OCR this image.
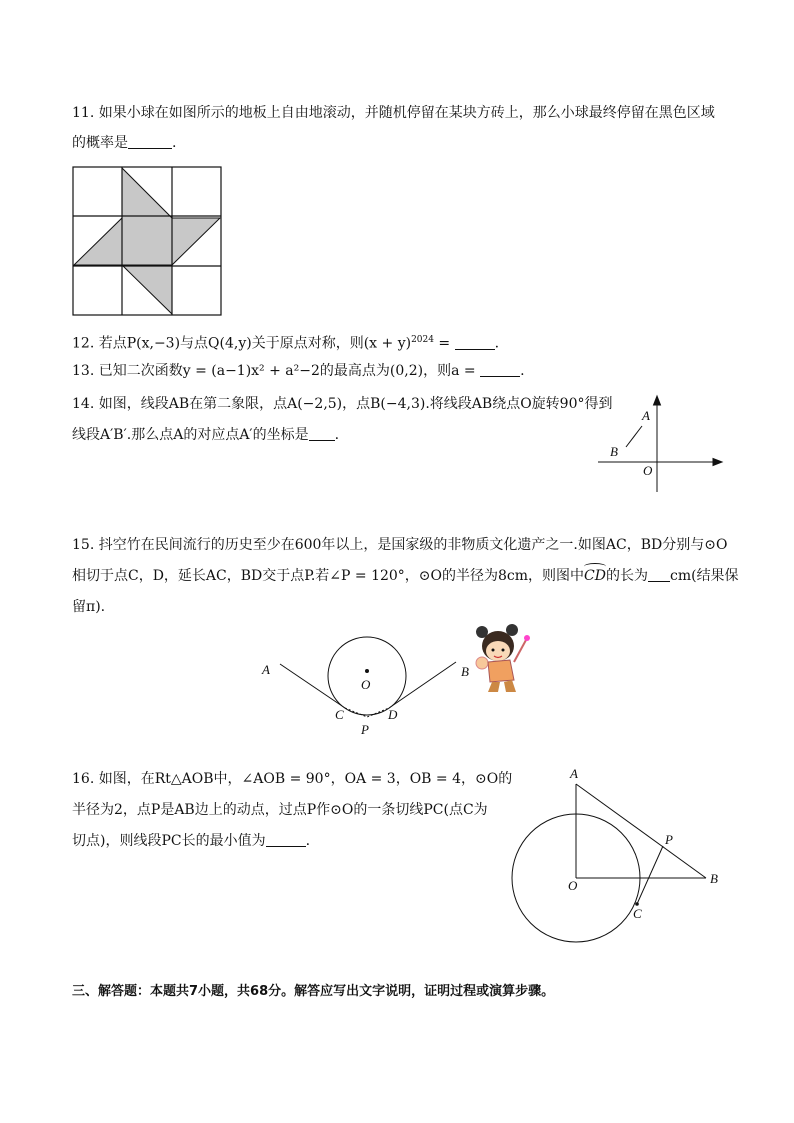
11. 如果小球在如图所示的地板上自由地滚动，并随机停留在某块方砖上，那么小球最终停留在黑色区域
的概率是	.
12. 若点P(x,−3)与点Q(4,y)关于原点对称，则$(x + y)^{2024}$ =	.
13. 已知二次函数y = (a−1)x² + a²−2的最高点为(0,2)，则a =	.
14. 如图，线段AB在第二象限，点A(−2,5)，点B(−4,3).将线段AB绕点O旋转90°得到
线段A′B′.那么点A的对应点A′的坐标是 .
A
B
O
15. 抖空竹在民间流行的历史至少在600年以上，是国家级的非物质文化遗产之一.如图AC，BD分别与⊙O
相切于点C，D，延长AC，BD交于点P.若∠P = 120°，⊙O的半径为8cm，则图中
CD的长为 cm(结果保
留π).
A	B
O
C	D
P
16. 如图，在Rt△AOB中，∠AOB = 90°，OA = 3，OB = 4，⊙O的
半径为2，点P是AB边上的动点，过点P作⊙O的一条切线PC(点C为
切点)，则线段PC长的最小值为	.
A
B
O
P
C
三、解答题：本题共7小题，共68分。解答应写出文字说明，证明过程或演算步骤。
